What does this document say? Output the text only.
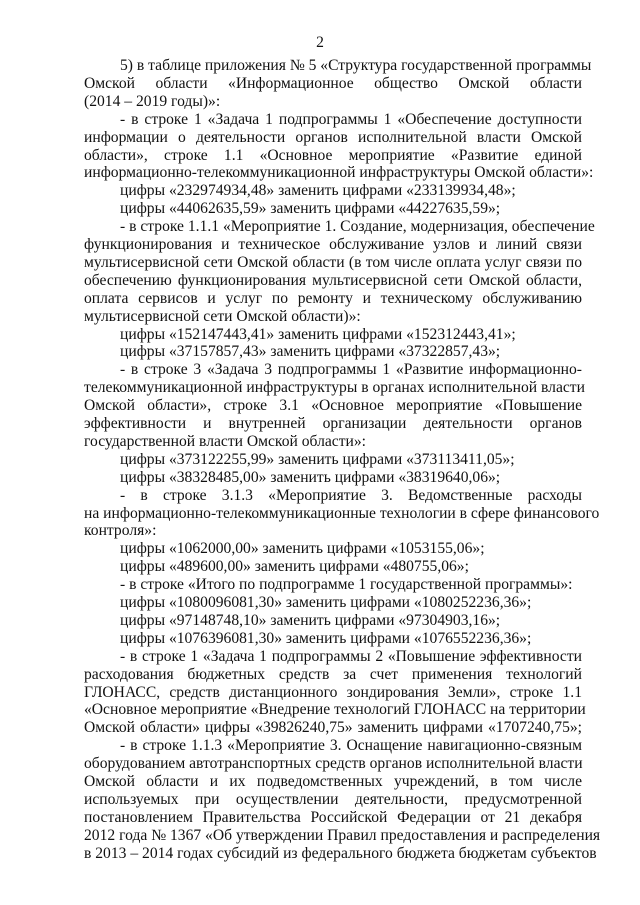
2
5) в таблице приложения № 5 «Структура государственной программы
Омской области «Информационное общество Омской области
(2014 – 2019 годы)»:
- в строке 1 «Задача 1 подпрограммы 1 «Обеспечение доступности
информации о деятельности органов исполнительной власти Омской
области», строке 1.1 «Основное мероприятие «Развитие единой
информационно-телекоммуникационной инфраструктуры Омской области»:
цифры «232974934,48» заменить цифрами «233139934,48»;
цифры «44062635,59» заменить цифрами «44227635,59»;
- в строке 1.1.1 «Мероприятие 1. Создание, модернизация, обеспечение
функционирования и техническое обслуживание узлов и линий связи
мультисервисной сети Омской области (в том числе оплата услуг связи по
обеспечению функционирования мультисервисной сети Омской области,
оплата сервисов и услуг по ремонту и техническому обслуживанию
мультисервисной сети Омской области)»:
цифры «152147443,41» заменить цифрами «152312443,41»;
цифры «37157857,43» заменить цифрами «37322857,43»;
- в строке 3 «Задача 3 подпрограммы 1 «Развитие информационно-
телекоммуникационной инфраструктуры в органах исполнительной власти
Омской области», строке 3.1 «Основное мероприятие «Повышение
эффективности и внутренней организации деятельности органов
государственной власти Омской области»:
цифры «373122255,99» заменить цифрами «373113411,05»;
цифры «38328485,00» заменить цифрами «38319640,06»;
- в строке 3.1.3 «Мероприятие 3. Ведомственные расходы
на информационно-телекоммуникационные технологии в сфере финансового
контроля»:
цифры «1062000,00» заменить цифрами «1053155,06»;
цифры «489600,00» заменить цифрами «480755,06»;
- в строке «Итого по подпрограмме 1 государственной программы»:
цифры «1080096081,30» заменить цифрами «1080252236,36»;
цифры «97148748,10» заменить цифрами «97304903,16»;
цифры «1076396081,30» заменить цифрами «1076552236,36»;
- в строке 1 «Задача 1 подпрограммы 2 «Повышение эффективности
расходования бюджетных средств за счет применения технологий
ГЛОНАСС, средств дистанционного зондирования Земли», строке 1.1
«Основное мероприятие «Внедрение технологий ГЛОНАСС на территории
Омской области» цифры «39826240,75» заменить цифрами «1707240,75»;
- в строке 1.1.3 «Мероприятие 3. Оснащение навигационно-связным
оборудованием автотранспортных средств органов исполнительной власти
Омской области и их подведомственных учреждений, в том числе
используемых при осуществлении деятельности, предусмотренной
постановлением Правительства Российской Федерации от 21 декабря
2012 года № 1367 «Об утверждении Правил предоставления и распределения
в 2013 – 2014 годах субсидий из федерального бюджета бюджетам субъектов
